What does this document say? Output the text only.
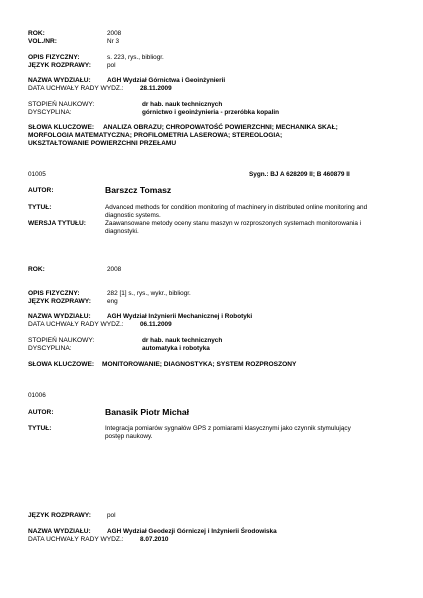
ROK:	2008
VOL./NR:	Nr 3
OPIS FIZYCZNY:	s. 223, rys., bibliogr.
JĘZYK ROZPRAWY:	pol
NAZWA WYDZIAŁU:	AGH Wydział Górnictwa i Geoinżynierii
DATA UCHWAŁY RADY WYDZ.:	28.11.2009
STOPIEŃ NAUKOWY:	dr hab. nauk technicznych
DYSCYPLINA:	górnictwo i geoinżynieria - przeróbka kopalin
SŁOWA KLUCZOWE: ANALIZA OBRAZU; CHROPOWATOŚĆ POWIERZCHNI; MECHANIKA SKAŁ;
MORFOLOGIA MATEMATYCZNA; PROFILOMETRIA LASEROWA; STEREOLOGIA;
UKSZTAŁTOWANIE POWIERZCHNI PRZEŁAMU
01005	Sygn.: BJ A 628209 II; B 460879 II
AUTOR:	Barszcz Tomasz
TYTUŁ:	Advanced methods for condition monitoring of machinery in distributed online monitoring and
diagnostic systems.
WERSJA TYTUŁU:	Zaawansowane metody oceny stanu maszyn w rozproszonych systemach monitorowania i
diagnostyki.
ROK:	2008
OPIS FIZYCZNY:	282 [1] s., rys., wykr., bibliogr.
JĘZYK ROZPRAWY:	eng
NAZWA WYDZIAŁU:	AGH Wydział Inżynierii Mechanicznej i Robotyki
DATA UCHWAŁY RADY WYDZ.:	06.11.2009
STOPIEŃ NAUKOWY:	dr hab. nauk technicznych
DYSCYPLINA:	automatyka i robotyka
SŁOWA KLUCZOWE: MONITOROWANIE; DIAGNOSTYKA; SYSTEM ROZPROSZONY
01006
AUTOR:	Banasik Piotr Michał
TYTUŁ:	Integracja pomiarów sygnałów GPS z pomiarami klasycznymi jako czynnik stymulujący
postęp naukowy.
JĘZYK ROZPRAWY:	pol
NAZWA WYDZIAŁU:	AGH Wydział Geodezji Górniczej i Inżynierii Środowiska
DATA UCHWAŁY RADY WYDZ.:	8.07.2010
